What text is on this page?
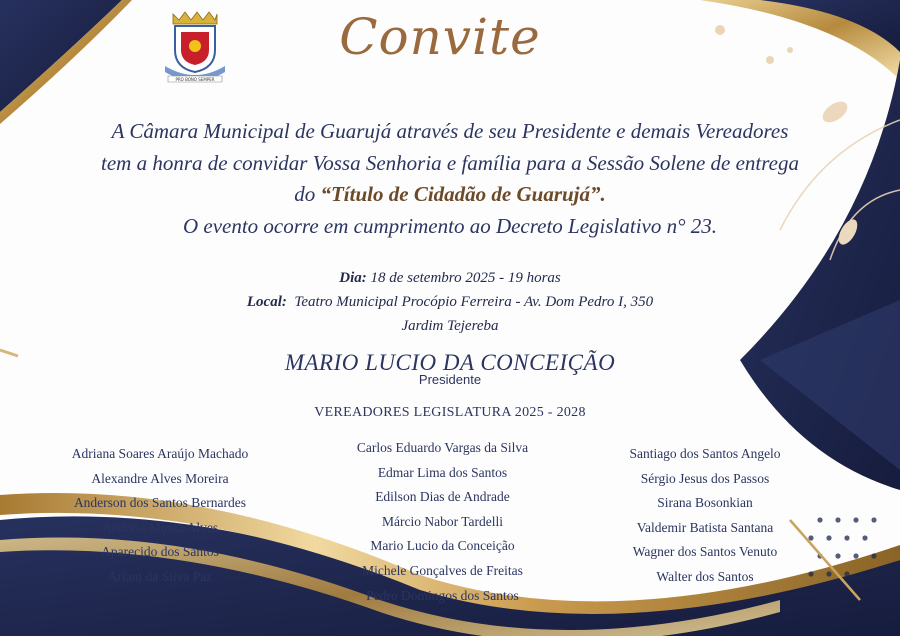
PRO BONO SEMPER
Convite
A Câmara Municipal de Guarujá através de seu Presidente e demais Vereadores
tem a honra de convidar Vossa Senhoria e família para a Sessão Solene de entrega
do “Título de Cidadão de Guarujá”.
O evento ocorre em cumprimento ao Decreto Legislativo n° 23.
Dia: 18 de setembro 2025 - 19 horas
Local: Teatro Municipal Procópio Ferreira - Av. Dom Pedro I, 350
Jardim Tejereba
MARIO LUCIO DA CONCEIÇÃO
Presidente
VEREADORES LEGISLATURA 2025 - 2028
Adriana Soares Araújo Machado
Alexandre Alves Moreira
Anderson dos Santos Bernardes
Andréia Muniz Alves
Aparecido dos Santos
Ariani da Silva Paz
Carlos Eduardo Vargas da Silva
Edmar Lima dos Santos
Edilson Dias de Andrade
Márcio Nabor Tardelli
Mario Lucio da Conceição
Michele Gonçalves de Freitas
Pedro Domingos dos Santos
Santiago dos Santos Angelo
Sérgio Jesus dos Passos
Sirana Bosonkian
Valdemir Batista Santana
Wagner dos Santos Venuto
Walter dos Santos
